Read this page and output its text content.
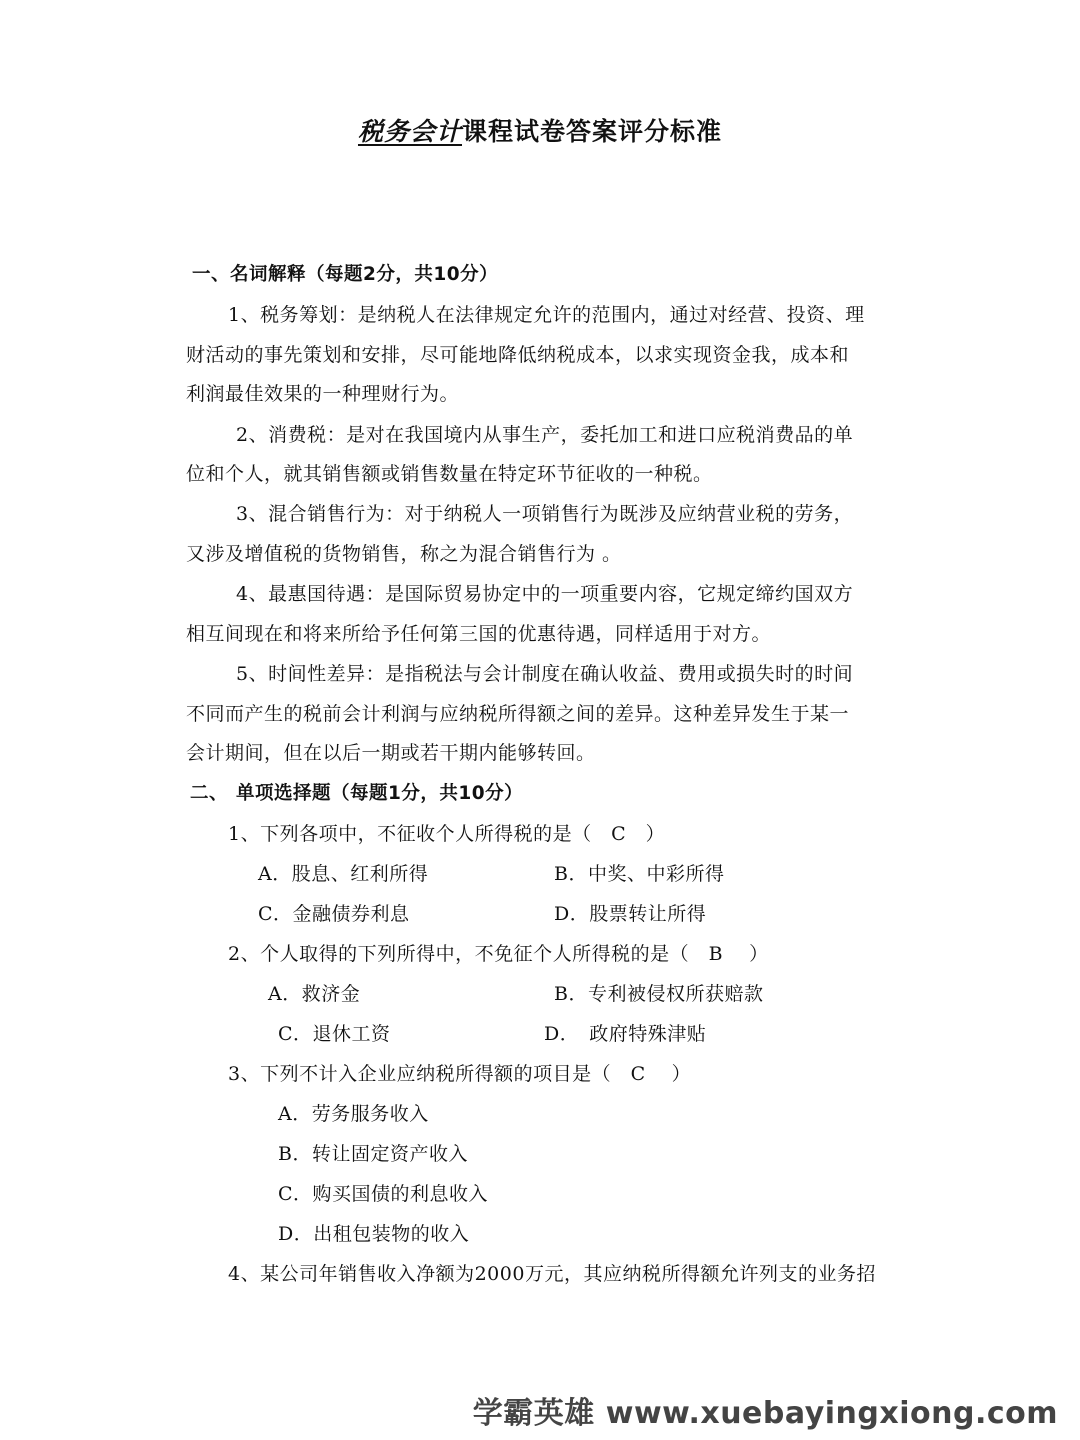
税务会计课程试卷答案评分标准
一、名词解释（每题2分，共10分）
1、税务筹划：是纳税人在法律规定允许的范围内，通过对经营、投资、理
财活动的事先策划和安排，尽可能地降低纳税成本，以求实现资金我，成本和
利润最佳效果的一种理财行为。
2、消费税：是对在我国境内从事生产，委托加工和进口应税消费品的单
位和个人，就其销售额或销售数量在特定环节征收的一种税。
3、混合销售行为：对于纳税人一项销售行为既涉及应纳营业税的劳务，
又涉及增值税的货物销售，称之为混合销售行为 。
4、最惠国待遇：是国际贸易协定中的一项重要内容，它规定缔约国双方
相互间现在和将来所给予任何第三国的优惠待遇，同样适用于对方。
5、时间性差异：是指税法与会计制度在确认收益、费用或损失时的时间
不同而产生的税前会计利润与应纳税所得额之间的差异。这种差异发生于某一
会计期间，但在以后一期或若干期内能够转回。
二、 单项选择题（每题1分，共10分）
1、下列各项中，不征收个人所得税的是（　C　）
A．股息、红利所得	B．中奖、中彩所得
C．金融债券利息	D．股票转让所得
2、个人取得的下列所得中，不免征个人所得税的是（　B　 ）
A．救济金	B．专利被侵权所获赔款
C．退休工资	D．　政府特殊津贴
3、下列不计入企业应纳税所得额的项目是（　C　 ）
A．劳务服务收入
B．转让固定资产收入
C．购买国债的利息收入
D．出租包装物的收入
4、某公司年销售收入净额为2000万元，其应纳税所得额允许列支的业务招
学霸英雄 www.xuebayingxiong.com
